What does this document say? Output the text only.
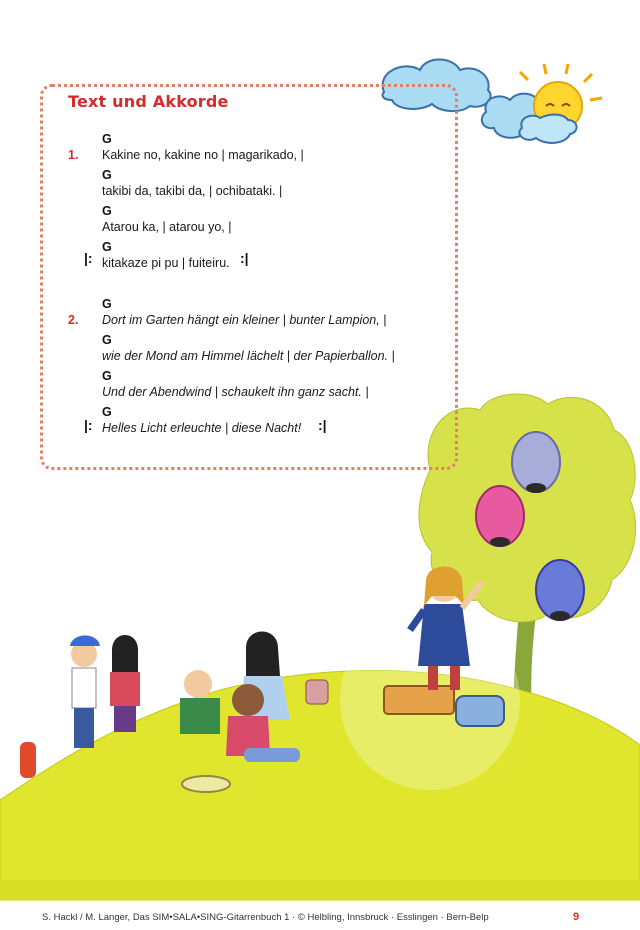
Text und Akkorde
G
1. Kakine no, kakine no | magarikado, |
G
takibi da, takibi da, | ochibataki. |
G
Atarou ka, | atarou yo, |
|:
G
kitakaze pi pu | fuiteiru. :|
G
2. Dort im Garten hängt ein kleiner | bunter Lampion, |
G
wie der Mond am Himmel lächelt | der Papierballon. |
G
Und der Abendwind | schaukelt ihn ganz sacht. |
|:
G
Helles Licht erleuchte | diese Nacht! :|
S. Hackl / M. Langer, Das SIM•SALA•SING-Gitarrenbuch 1 · © Helbling, Innsbruck · Esslingen · Bern-Belp	9
